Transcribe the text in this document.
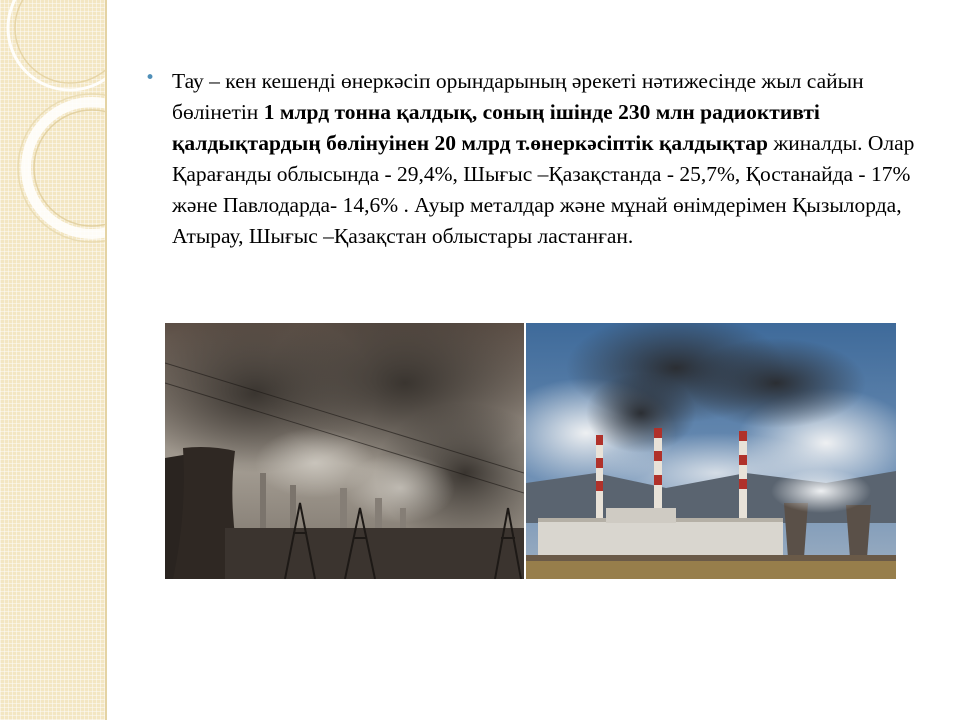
• Тау – кен кешенді өнеркәсіп орындарының әрекеті нәтижесінде жыл сайын бөлінетін 1 млрд тонна қалдық, соның ішінде 230 млн радиоктивті қалдықтардың бөлінуінен 20 млрд т.өнеркәсіптік қалдықтар жиналды. Олар Қарағанды облысында - 29,4%, Шығыс –Қазақстанда - 25,7%, Қостанайда - 17% және Павлодарда- 14,6% . Ауыр металдар және мұнай өнімдерімен Қызылорда, Атырау, Шығыс –Қазақстан облыстары ластанған.
